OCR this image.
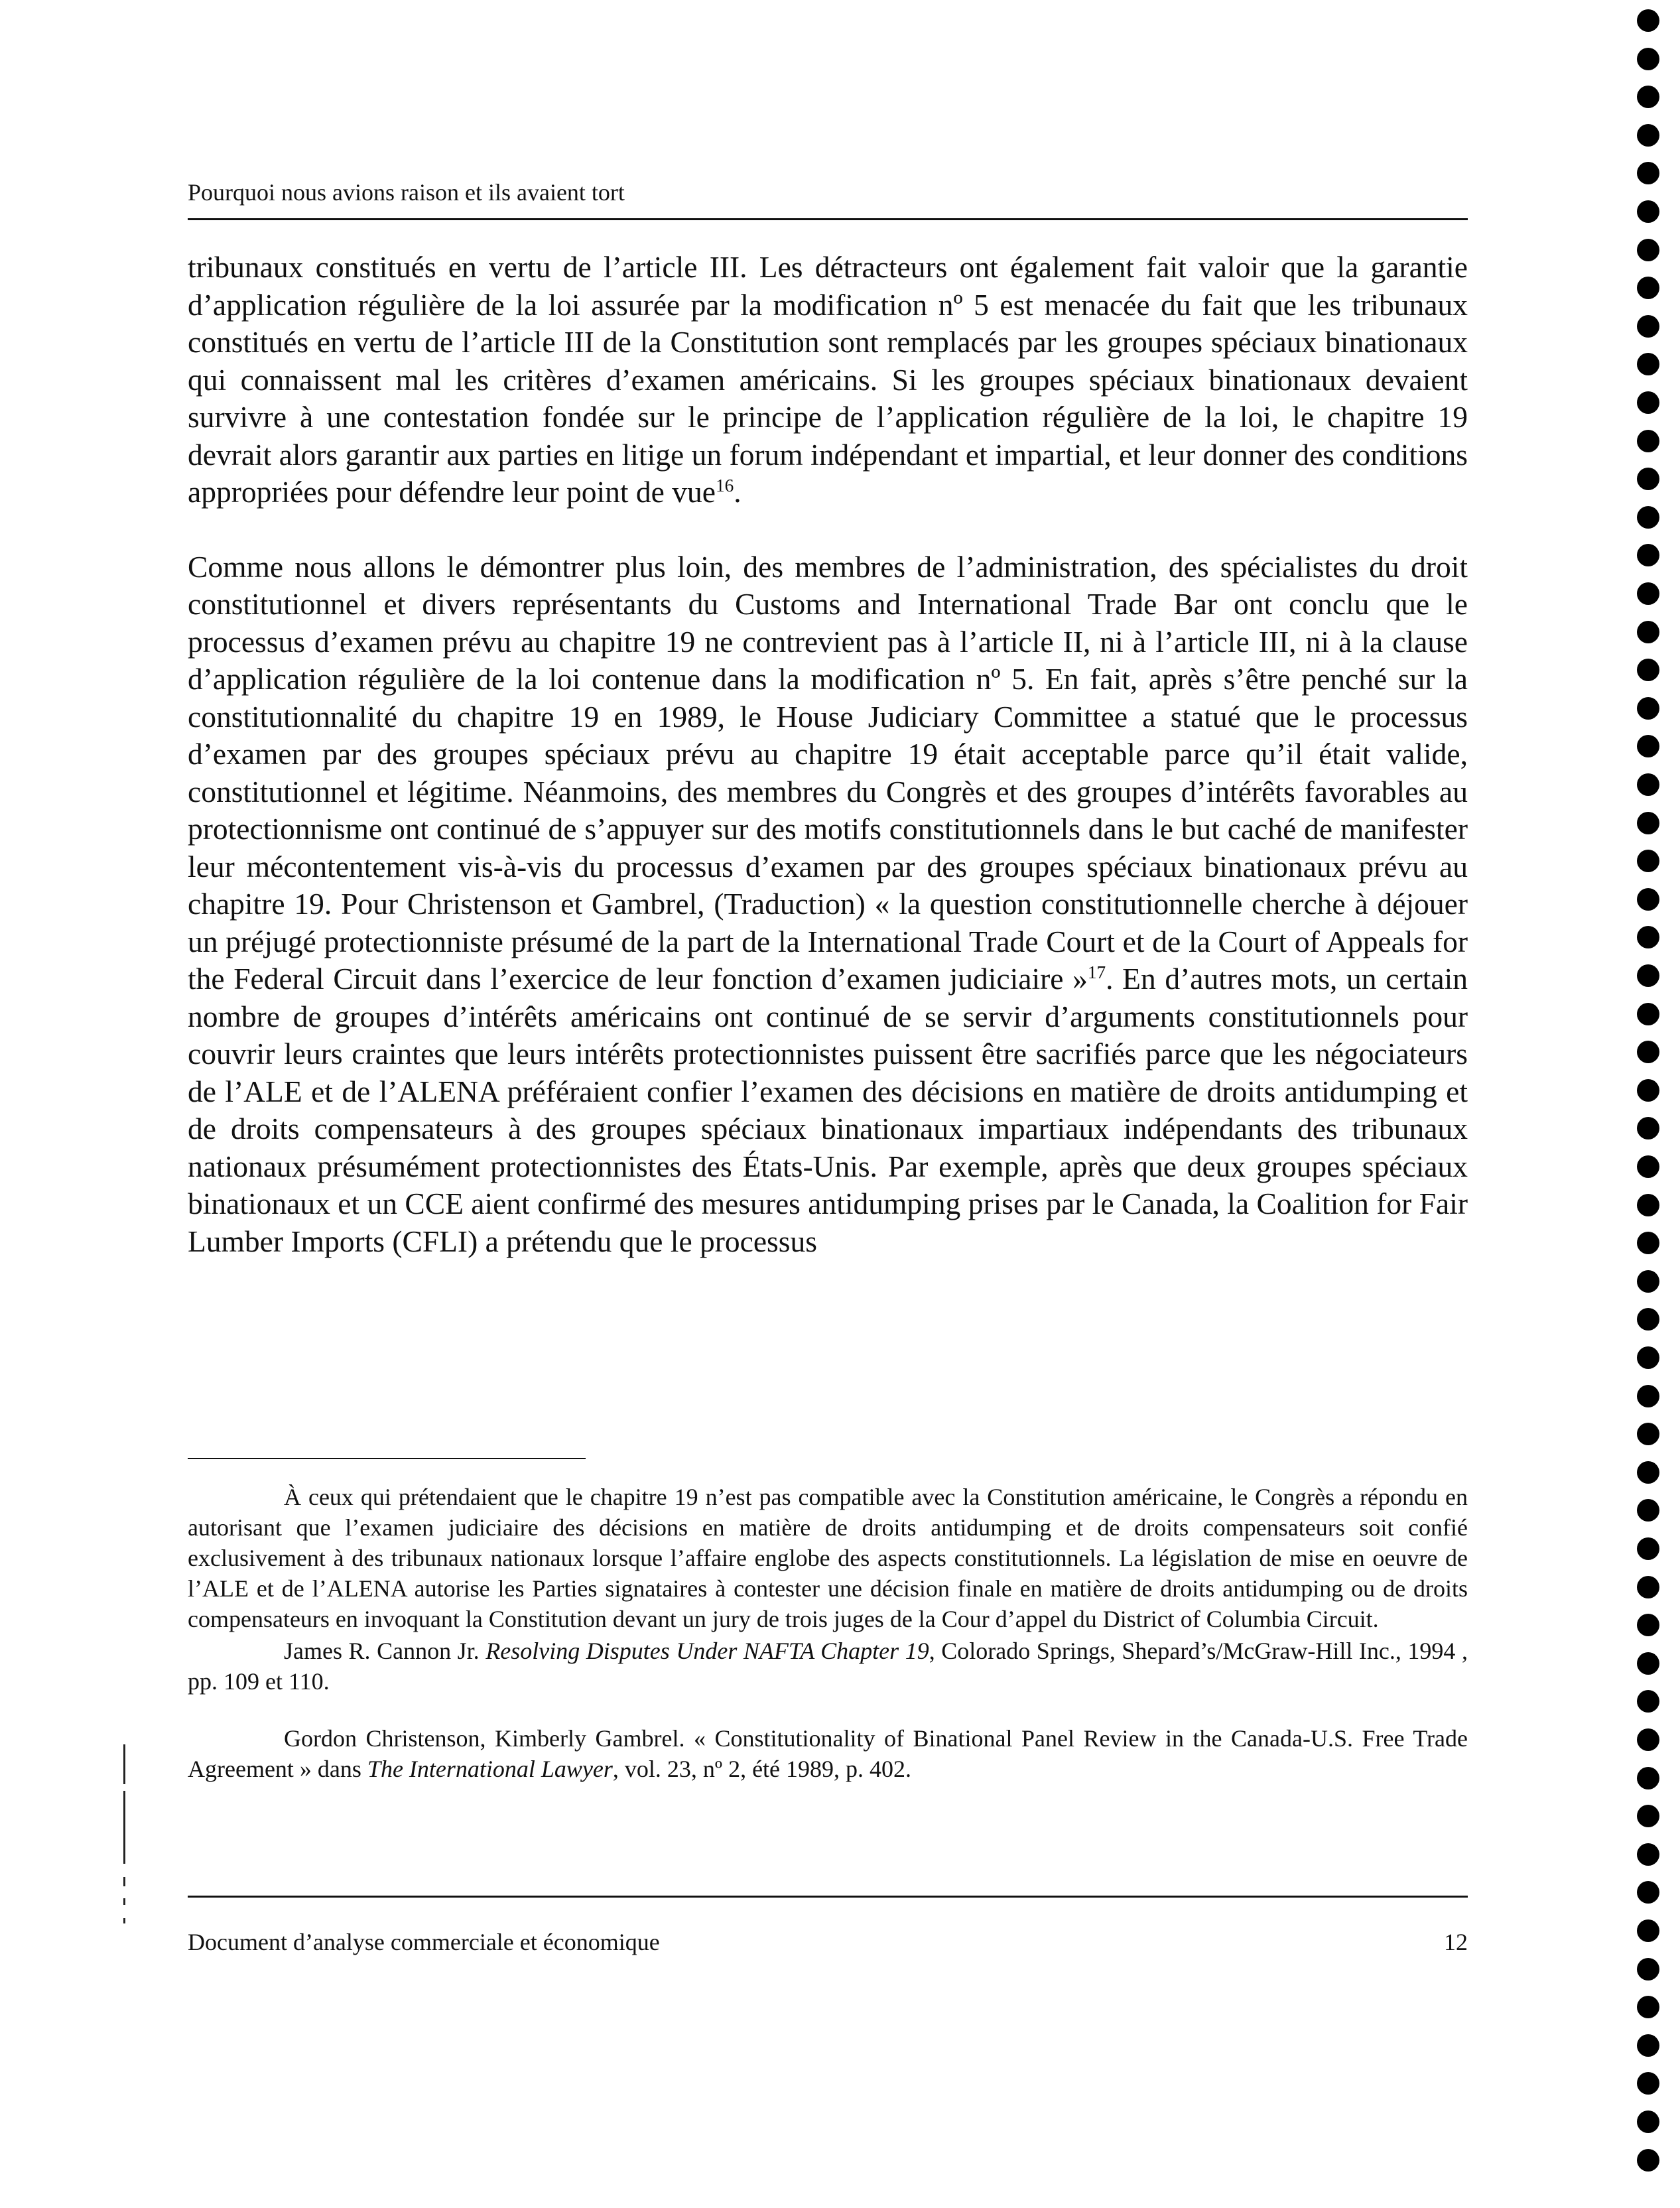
Pourquoi nous avions raison et ils avaient tort

tribunaux constitués en vertu de l’article III. Les détracteurs ont également fait valoir que la garantie d’application régulière de la loi assurée par la modification nº 5 est menacée du fait que les tribunaux constitués en vertu de l’article III de la Constitution sont remplacés par les groupes spéciaux binationaux qui connaissent mal les critères d’examen américains. Si les groupes spéciaux binationaux devaient survivre à une contestation fondée sur le principe de l’application régulière de la loi, le chapitre 19 devrait alors garantir aux parties en litige un forum indépendant et impartial, et leur donner des conditions appropriées pour défendre leur point de vue$^{16}$.

Comme nous allons le démontrer plus loin, des membres de l’administration, des spécialistes du droit constitutionnel et divers représentants du Customs and International Trade Bar ont conclu que le processus d’examen prévu au chapitre 19 ne contrevient pas à l’article II, ni à l’article III, ni à la clause d’application régulière de la loi contenue dans la modification nº 5. En fait, après s’être penché sur la constitutionnalité du chapitre 19 en 1989, le House Judiciary Committee a statué que le processus d’examen par des groupes spéciaux prévu au chapitre 19 était acceptable parce qu’il était valide, constitutionnel et légitime. Néanmoins, des membres du Congrès et des groupes d’intérêts favorables au protectionnisme ont continué de s’appuyer sur des motifs constitutionnels dans le but caché de manifester leur mécontentement vis-à-vis du processus d’examen par des groupes spéciaux binationaux prévu au chapitre 19. Pour Christenson et Gambrel, (Traduction) « la question constitutionnelle cherche à déjouer un préjugé protectionniste présumé de la part de la International Trade Court et de la Court of Appeals for the Federal Circuit dans l’exercice de leur fonction d’examen judiciaire »$^{17}$. En d’autres mots, un certain nombre de groupes d’intérêts américains ont continué de se servir d’arguments constitutionnels pour couvrir leurs craintes que leurs intérêts protectionnistes puissent être sacrifiés parce que les négociateurs de l’ALE et de l’ALENA préféraient confier l’examen des décisions en matière de droits antidumping et de droits compensateurs à des groupes spéciaux binationaux impartiaux indépendants des tribunaux nationaux présumément protectionnistes des États-Unis. Par exemple, après que deux groupes spéciaux binationaux et un CCE aient confirmé des mesures antidumping prises par le Canada, la Coalition for Fair Lumber Imports (CFLI) a prétendu que le processus

À ceux qui prétendaient que le chapitre 19 n’est pas compatible avec la Constitution américaine, le Congrès a répondu en autorisant que l’examen judiciaire des décisions en matière de droits antidumping et de droits compensateurs soit confié exclusivement à des tribunaux nationaux lorsque l’affaire englobe des aspects constitutionnels. La législation de mise en oeuvre de l’ALE et de l’ALENA autorise les Parties signataires à contester une décision finale en matière de droits antidumping ou de droits compensateurs en invoquant la Constitution devant un jury de trois juges de la Cour d’appel du District of Columbia Circuit.

James R. Cannon Jr. Resolving Disputes Under NAFTA Chapter 19, Colorado Springs, Shepard’s/McGraw-Hill Inc., 1994 , pp. 109 et 110.

Gordon Christenson, Kimberly Gambrel. « Constitutionality of Binational Panel Review in the Canada-U.S. Free Trade Agreement » dans The International Lawyer, vol. 23, nº 2, été 1989, p. 402.

Document d’analyse commerciale et économique	12
